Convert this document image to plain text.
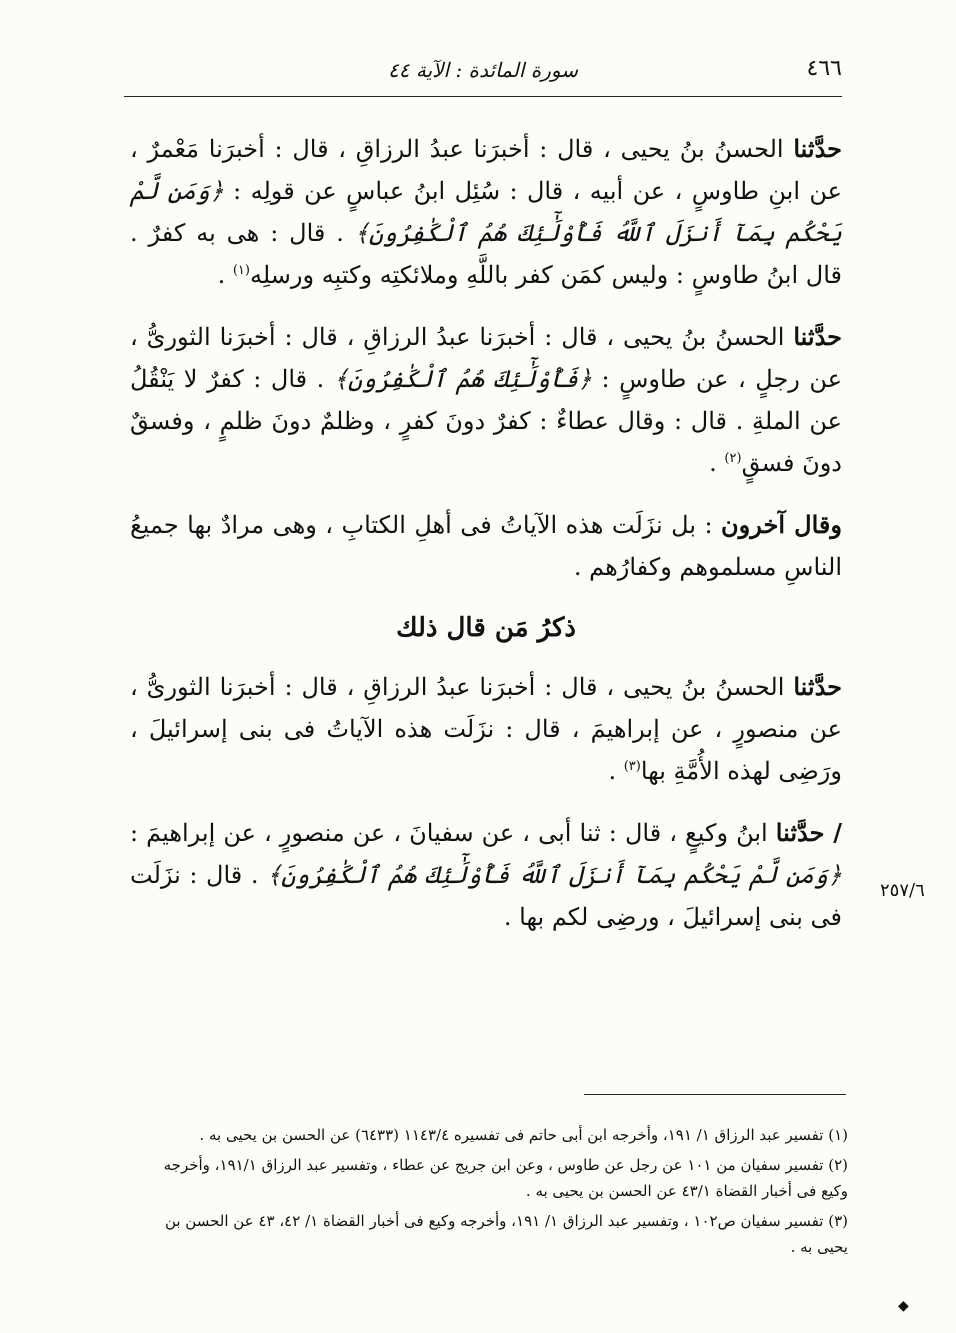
٤٦٦
سورة المائدة : الآية ٤٤

حدَّثنا الحسنُ بنُ يحيى ، قال : أخبرَنا عبدُ الرزاقِ ، قال : أخبرَنا مَعْمرٌ ، عن ابنِ طاوسٍ ، عن أبيه ، قال : سُئِل ابنُ عباسٍ عن قولِه : ﴿وَمَن لَّمْ يَحْكُم بِمَآ أَنزَلَ ٱللَّهُ فَأُوْلَٰٓئِكَ هُمُ ٱلْكَٰفِرُونَ﴾ . قال : هى به كفرٌ . قال ابنُ طاوسٍ : وليس كمَن كفر باللَّهِ وملائكتِه وكتبِه ورسلِه$^{(١)}$ .

حدَّثنا الحسنُ بنُ يحيى ، قال : أخبرَنا عبدُ الرزاقِ ، قال : أخبرَنا الثورىُّ ، عن رجلٍ ، عن طاوسٍ : ﴿فَأُوْلَٰٓئِكَ هُمُ ٱلْكَٰفِرُونَ﴾ . قال : كفرٌ لا يَنْقُلُ عن الملةِ . قال : وقال عطاءٌ : كفرٌ دونَ كفرٍ ، وظلمٌ دونَ ظلمٍ ، وفسقٌ دونَ فسقٍ$^{(٢)}$ .

وقال آخرون : بل نزَلَت هذه الآياتُ فى أهلِ الكتابِ ، وهى مرادٌ بها جميعُ الناسِ مسلموهم وكفارُهم .

ذكرُ مَن قال ذلك

حدَّثنا الحسنُ بنُ يحيى ، قال : أخبرَنا عبدُ الرزاقِ ، قال : أخبرَنا الثورىُّ ، عن منصورٍ ، عن إبراهيمَ ، قال : نزَلَت هذه الآياتُ فى بنى إسرائيلَ ، ورَضِى لهذه الأُمَّةِ بها$^{(٣)}$ .

/ حدَّثنا ابنُ وكيعٍ ، قال : ثنا أبى ، عن سفيانَ ، عن منصورٍ ، عن إبراهيمَ : ﴿وَمَن لَّمْ يَحْكُم بِمَآ أَنزَلَ ٱللَّهُ فَأُوْلَٰٓئِكَ هُمُ ٱلْكَٰفِرُونَ﴾ . قال : نزَلَت فى بنى إسرائيلَ ، ورضِى لكم بها .

٢٥٧/٦

(١) تفسير عبد الرزاق ١/ ١٩١، وأخرجه ابن أبى حاتم فى تفسيره ١١٤٣/٤ (٦٤٣٣) عن الحسن بن يحيى به .

(٢) تفسير سفيان من ١٠١ عن رجل عن طاوس ، وعن ابن جريج عن عطاء ، وتفسير عبد الرزاق ١٩١/١، وأخرجه وكيع فى أخبار القضاة ٤٣/١ عن الحسن بن يحيى به .

(٣) تفسير سفيان ص١٠٢ ، وتفسير عبد الرزاق ١/ ١٩١، وأخرجه وكيع فى أخبار القضاة ١/ ٤٢، ٤٣ عن الحسن بن يحيى به .

◆
